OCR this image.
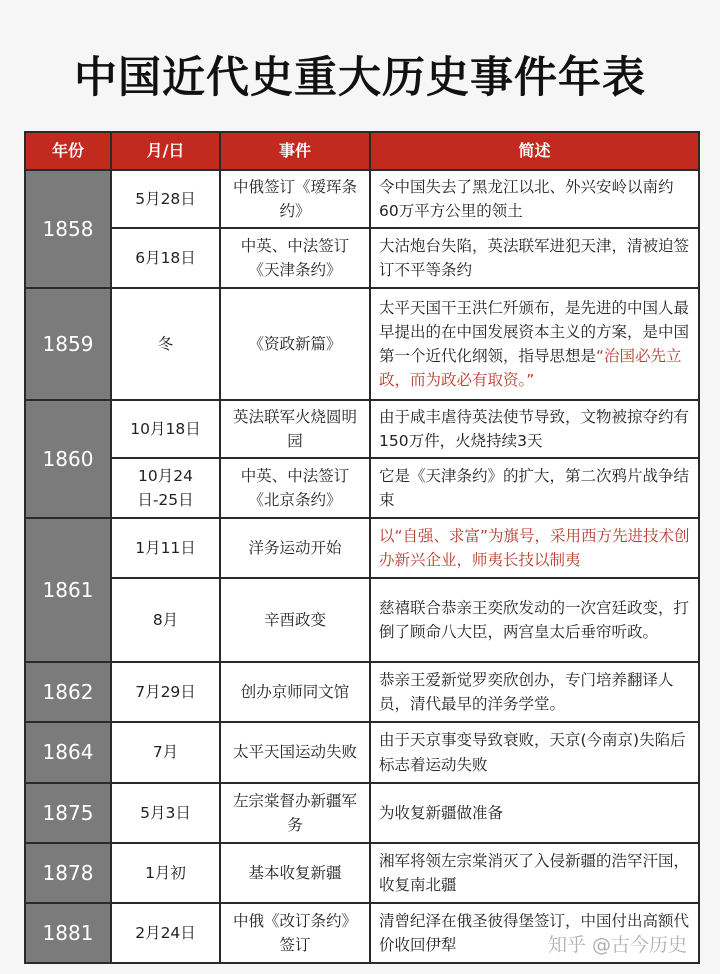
中国近代史重大历史事件年表
年份	月/日	事件	简述
1858	5月28日	中俄签订《瑷珲条约》	令中国失去了黑龙江以北、外兴安岭以南约60万平方公里的领土
	6月18日	中英、中法签订《天津条约》	大沽炮台失陷，英法联军进犯天津，清被迫签订不平等条约
1859	冬	《资政新篇》	太平天国干王洪仁歼颁布，是先进的中国人最早提出的在中国发展资本主义的方案，是中国第一个近代化纲领，指导思想是“治国必先立政，而为政必有取资。”
1860	10月18日	英法联军火烧圆明园	由于咸丰虐待英法使节导致，文物被掠夺约有150万件，火烧持续3天
	10月24日-25日	中英、中法签订《北京条约》	它是《天津条约》的扩大，第二次鸦片战争结束
1861	1月11日	洋务运动开始	以“自强、求富”为旗号，采用西方先进技术创办新兴企业，师夷长技以制夷
	8月	辛酉政变	慈禧联合恭亲王奕欣发动的一次宫廷政变，打倒了顾命八大臣，两宫皇太后垂帘听政。
1862	7月29日	创办京师同文馆	恭亲王爱新觉罗奕欣创办，专门培养翻译人员，清代最早的洋务学堂。
1864	7月	太平天国运动失败	由于天京事变导致衰败，天京(今南京)失陷后标志着运动失败
1875	5月3日	左宗棠督办新疆军务	为收复新疆做准备
1878	1月初	基本收复新疆	湘军将领左宗棠消灭了入侵新疆的浩罕汗国，收复南北疆
1881	2月24日	中俄《改订条约》签订	清曾纪泽在俄圣彼得堡签订，中国付出高额代价收回伊犁	知乎 @古今历史
